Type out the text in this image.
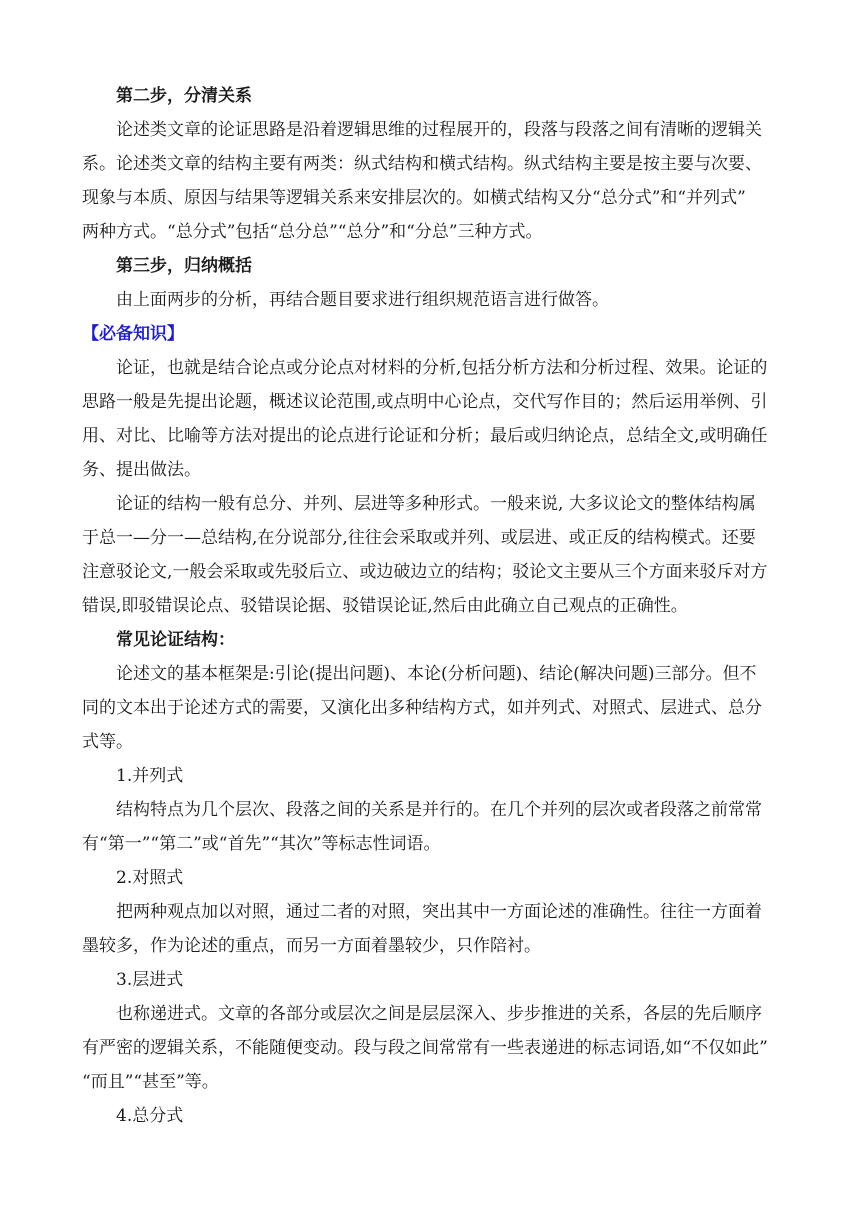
第二步，分清关系
论述类文章的论证思路是沿着逻辑思维的过程展开的，段落与段落之间有清晰的逻辑关
系。论述类文章的结构主要有两类：纵式结构和横式结构。纵式结构主要是按主要与次要、
现象与本质、原因与结果等逻辑关系来安排层次的。如横式结构又分“总分式”和“并列式”
两种方式。“总分式”包括“总分总”“总分”和“分总”三种方式。
第三步，归纳概括
由上面两步的分析，再结合题目要求进行组织规范语言进行做答。
【必备知识】
论证，也就是结合论点或分论点对材料的分析,包括分析方法和分析过程、效果。论证的
思路一般是先提出论题，概述议论范围,或点明中心论点，交代写作目的；然后运用举例、引
用、对比、比喻等方法对提出的论点进行论证和分析；最后或归纳论点，总结全文,或明确任
务、提出做法。
论证的结构一般有总分、并列、层进等多种形式。一般来说, 大多议论文的整体结构属
于总一—分一—总结构,在分说部分,往往会采取或并列、或层进、或正反的结构模式。还要
注意驳论文,一般会采取或先驳后立、或边破边立的结构；驳论文主要从三个方面来驳斥对方
错误,即驳错误论点、驳错误论据、驳错误论证,然后由此确立自己观点的正确性。
常见论证结构：
论述文的基本框架是:引论(提出问题)、本论(分析问题)、结论(解决问题)三部分。但不
同的文本出于论述方式的需要，又演化出多种结构方式，如并列式、对照式、层进式、总分
式等。
1.并列式
结构特点为几个层次、段落之间的关系是并行的。在几个并列的层次或者段落之前常常
有“第一”“第二”或“首先”“其次”等标志性词语。
2.对照式
把两种观点加以对照，通过二者的对照，突出其中一方面论述的准确性。往往一方面着
墨较多，作为论述的重点，而另一方面着墨较少，只作陪衬。
3.层进式
也称递进式。文章的各部分或层次之间是层层深入、步步推进的关系，各层的先后顺序
有严密的逻辑关系，不能随便变动。段与段之间常常有一些表递进的标志词语,如“不仅如此”
“而且”“甚至”等。
4.总分式
